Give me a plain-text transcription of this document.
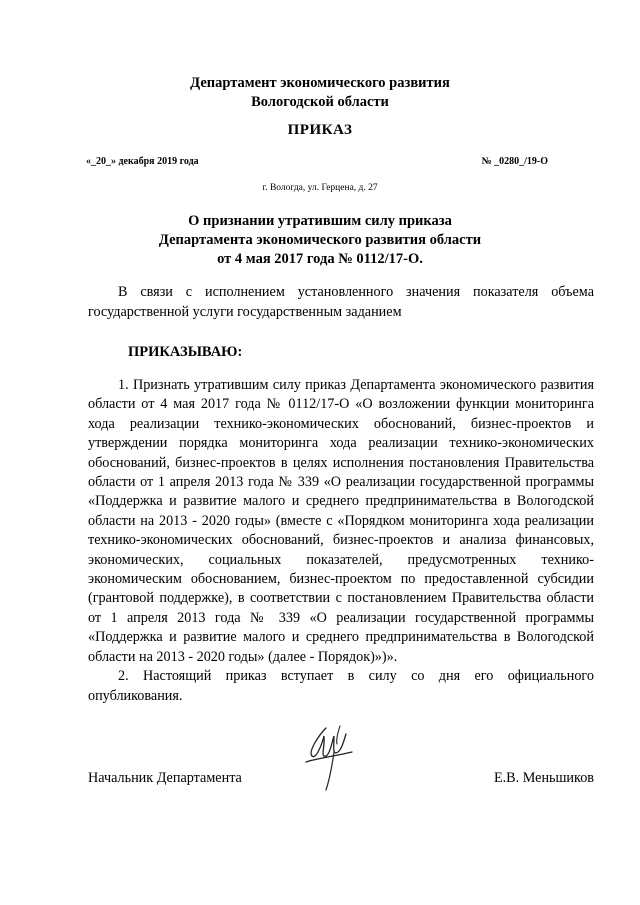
Департамент экономического развития
Вологодской области
ПРИКАЗ
«_20_» декабря 2019 года	№ _0280_/19-О
г. Вологда, ул. Герцена, д. 27
О признании утратившим силу приказа
Департамента экономического развития области
от 4 мая 2017 года № 0112/17-О.
В связи с исполнением установленного значения показателя объема государственной услуги государственным заданием
ПРИКАЗЫВАЮ:

1. Признать утратившим силу приказ Департамента экономического развития области от 4 мая 2017 года № 0112/17-О «О возложении функции мониторинга хода реализации технико-экономических обоснований, бизнес-проектов и утверждении порядка мониторинга хода реализации технико-экономических обоснований, бизнес-проектов в целях исполнения постановления Правительства области от 1 апреля 2013 года № 339 «О реализации государственной программы «Поддержка и развитие малого и среднего предпринимательства в Вологодской области на 2013 - 2020 годы» (вместе с «Порядком мониторинга хода реализации технико-экономических обоснований, бизнес-проектов и анализа финансовых, экономических, социальных показателей, предусмотренных технико-экономическим обоснованием, бизнес-проектом по предоставленной субсидии (грантовой поддержке), в соответствии с постановлением Правительства области от 1 апреля 2013 года № 339 «О реализации государственной программы «Поддержка и развитие малого и среднего предпринимательства в Вологодской области на 2013 - 2020 годы» (далее - Порядок)»)».

2. Настоящий приказ вступает в силу со дня его официального опубликования.

Начальник Департамента	Е.В. Меньшиков
